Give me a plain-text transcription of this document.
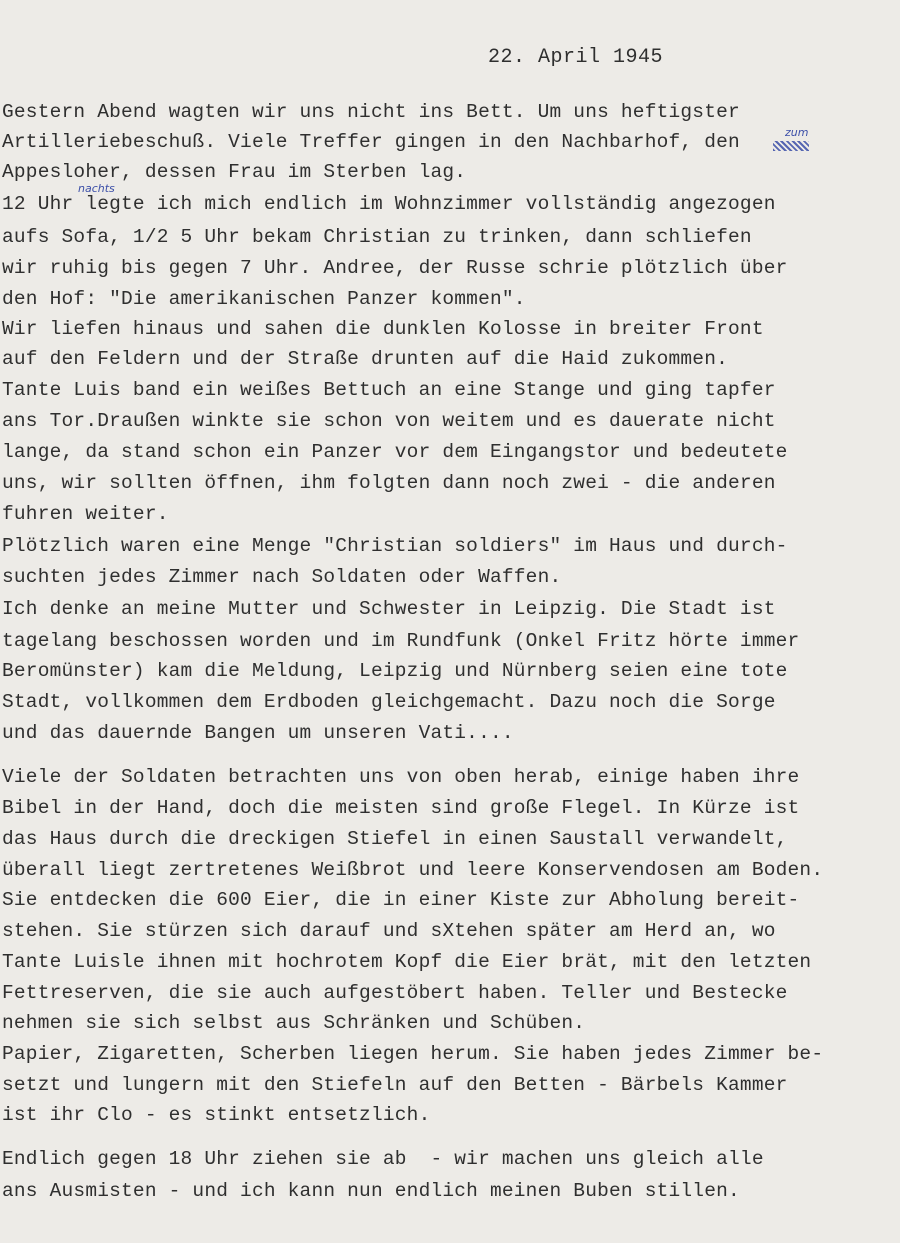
22. April 1945
Gestern Abend wagten wir uns nicht ins Bett. Um uns heftigster
Artilleriebeschuß. Viele Treffer gingen in den Nachbarhof, den	zum
Appesloher, dessen Frau im Sterben lag.
12 Uhr legte ich mich endlich im Wohnzimmer vollständig angezogen
nachts
aufs Sofa, 1/2 5 Uhr bekam Christian zu trinken, dann schliefen
wir ruhig bis gegen 7 Uhr. Andree, der Russe schrie plötzlich über
den Hof: "Die amerikanischen Panzer kommen".
Wir liefen hinaus und sahen die dunklen Kolosse in breiter Front
auf den Feldern und der Straße drunten auf die Haid zukommen.
Tante Luis band ein weißes Bettuch an eine Stange und ging tapfer
ans Tor.Draußen winkte sie schon von weitem und es dauerate nicht
lange, da stand schon ein Panzer vor dem Eingangstor und bedeutete
uns, wir sollten öffnen, ihm folgten dann noch zwei - die anderen
fuhren weiter.
Plötzlich waren eine Menge "Christian soldiers" im Haus und durch-
suchten jedes Zimmer nach Soldaten oder Waffen.
Ich denke an meine Mutter und Schwester in Leipzig. Die Stadt ist
tagelang beschossen worden und im Rundfunk (Onkel Fritz hörte immer
Beromünster) kam die Meldung, Leipzig und Nürnberg seien eine tote
Stadt, vollkommen dem Erdboden gleichgemacht. Dazu noch die Sorge
und das dauernde Bangen um unseren Vati....
Viele der Soldaten betrachten uns von oben herab, einige haben ihre
Bibel in der Hand, doch die meisten sind große Flegel. In Kürze ist
das Haus durch die dreckigen Stiefel in einen Saustall verwandelt,
überall liegt zertretenes Weißbrot und leere Konservendosen am Boden.
Sie entdecken die 600 Eier, die in einer Kiste zur Abholung bereit-
stehen. Sie stürzen sich darauf und sXtehen später am Herd an, wo
Tante Luisle ihnen mit hochrotem Kopf die Eier brät, mit den letzten
Fettreserven, die sie auch aufgestöbert haben. Teller und Bestecke
nehmen sie sich selbst aus Schränken und Schüben.
Papier, Zigaretten, Scherben liegen herum. Sie haben jedes Zimmer be-
setzt und lungern mit den Stiefeln auf den Betten - Bärbels Kammer
ist ihr Clo - es stinkt entsetzlich.
Endlich gegen 18 Uhr ziehen sie ab  - wir machen uns gleich alle
ans Ausmisten - und ich kann nun endlich meinen Buben stillen.
